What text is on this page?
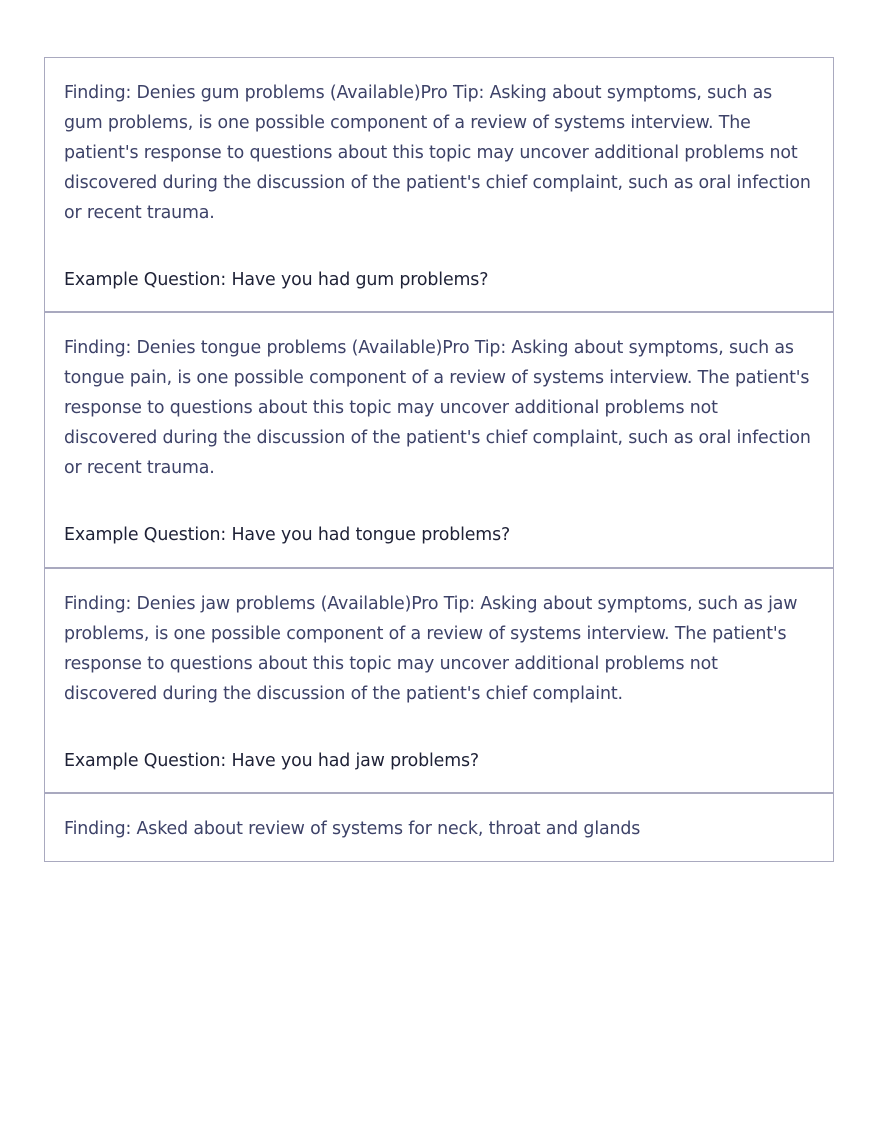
Finding: Denies gum problems (Available)Pro Tip: Asking about symptoms, such as gum problems, is one possible component of a review of systems interview. The patient's response to questions about this topic may uncover additional problems not discovered during the discussion of the patient's chief complaint, such as oral infection or recent trauma.

Example Question: Have you had gum problems?

Finding: Denies tongue problems (Available)Pro Tip: Asking about symptoms, such as tongue pain, is one possible component of a review of systems interview. The patient's response to questions about this topic may uncover additional problems not discovered during the discussion of the patient's chief complaint, such as oral infection or recent trauma.

Example Question: Have you had tongue problems?

Finding: Denies jaw problems (Available)Pro Tip: Asking about symptoms, such as jaw problems, is one possible component of a review of systems interview. The patient's response to questions about this topic may uncover additional problems not discovered during the discussion of the patient's chief complaint.

Example Question: Have you had jaw problems?

Finding: Asked about review of systems for neck, throat and glands
